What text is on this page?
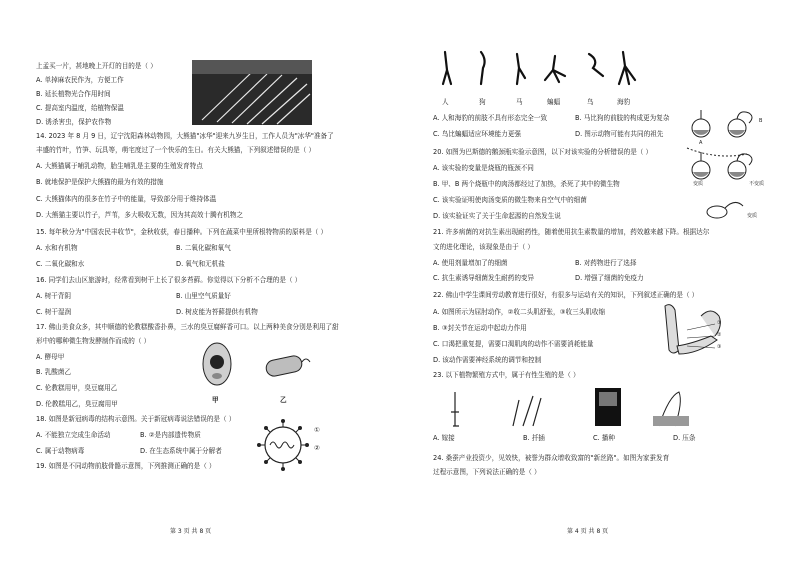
上孟买一片，甚地晚上开灯的目的是（ ）
A. 单掉麻农民作为，方便工作
B. 延长植物光合作用时间
C. 提高室内温度，给植物保温
D. 诱杀害虫，保护农作物
14. 2023 年 8 月 9 日，辽宁沈阳森林动物园，大熊猫"冰华"迎来九岁生日，工作人员为"冰华"准备了
丰盛的竹叶，竹笋、玩具等，萌宅度过了一个快乐的生日。有关大熊猫，下列叙述错误的是（ ）
A. 大熊猫属于哺乳动物，胎生哺乳是主要的生殖发育特点
B. 就地保护是保护大熊猫的最为有效的措施
C. 大熊猫体内的很多在竹子中的能量，导致部分用于维持体温
D. 大熊猫主要以竹子，芦苇，多大吸收无数，因为其高效十腾有机物之
15. 每年秋分为"中国农民丰收节"，金秋收获，春日播种。下列在蔬菜中里所根特物质的原料是（ ）
A. 水和有机物	B. 二氧化碳和氧气
C. 二氧化碳和水	D. 氧气和无机盐
16. 同学们去山区旅游时，经常看到树干上长了很多苔藓。你觉得以下分析不合理的是（ ）
A. 树干背阴	B. 山里空气质量好
C. 树干湿润	D. 树皮能为苔藓提供有机物
17. 佛山美食众多，其中顺德的伦教糕酸香扑鼻，三水的臭豆腐鲜香可口。以上两种美食分别是利用了甜
形中的哪种微生物发酵制作而成的（ ）
A. 酵母甲
B. 乳酸菌乙
C. 伦教糕用甲，臭豆腐用乙
D. 伦教糕用乙，臭豆腐用甲	甲	乙
18. 如图是新冠病毒的结构示意图。关于新冠病毒说法错误的是（ ）
A. 不能独立完成生命活动	B. ②是内部遗传物质
C. 属于动物病毒	D. 在生态系统中属于分解者
①
②
19. 如图是不同动物前肢骨骼示意图，下列推测正确的是（ ）
第 3 页 共 8 页
人	狗	马	蝙蝠	鸟	海豹
A. 人和海豹的前肢不具有形态完全一致	B. 马比狗的前肢的构成更为复杂
C. 鸟比蝙蝠适应环境能力更强	D. 图示动物可能有共同的祖先
20. 如图为巴斯德的鹅颈瓶实验示意图，以下对该实验的分析错误的是（ ）
A. 该实验的变量是烧瓶的瓶颈不同
B. 甲、B 两个烧瓶中的肉汤都经过了加热，杀死了其中的微生物
C. 该实验证明使肉汤变质的微生物来自空气中的细菌
D. 该实验证实了关于生命起源的自然发生说
A
B
变质	不变质
变质
21. 许多病菌的对抗生素出现耐药性，随着使用抗生素数量的增加，药效越来越下降。根据达尔
文的进化理论，该现象是由于（ ）
A. 使用剂量增加了的细菌	B. 对药物进行了选择
C. 抗生素诱导细菌发生耐药的变异	D. 增强了细菌的免疫力
22. 佛山中学生课间劳动教育进行很好，有很多与运动有关的知识，下列叙述正确的是（ ）
A. 如图所示为屈肘动作，②收二头肌舒张，③收三头肌收缩
B. ③封关节在运动中起动力作用
C. 口渴把重复提，需要口渴肌肉的动作不需要消耗能量
D. 该动作需要神经系统的调节和控制
①
②
③
23. 以下植物繁殖方式中，属于有性生殖的是（ ）
A. 嫁接	B. 扦插	C. 播种	D. 压条
24. 桑蚕产业投资少，见效快，被誉为群众增收致富的"新丝路"。如图为家蚕发育
过程示意图，下列说法正确的是（ ）
第 4 页 共 8 页
